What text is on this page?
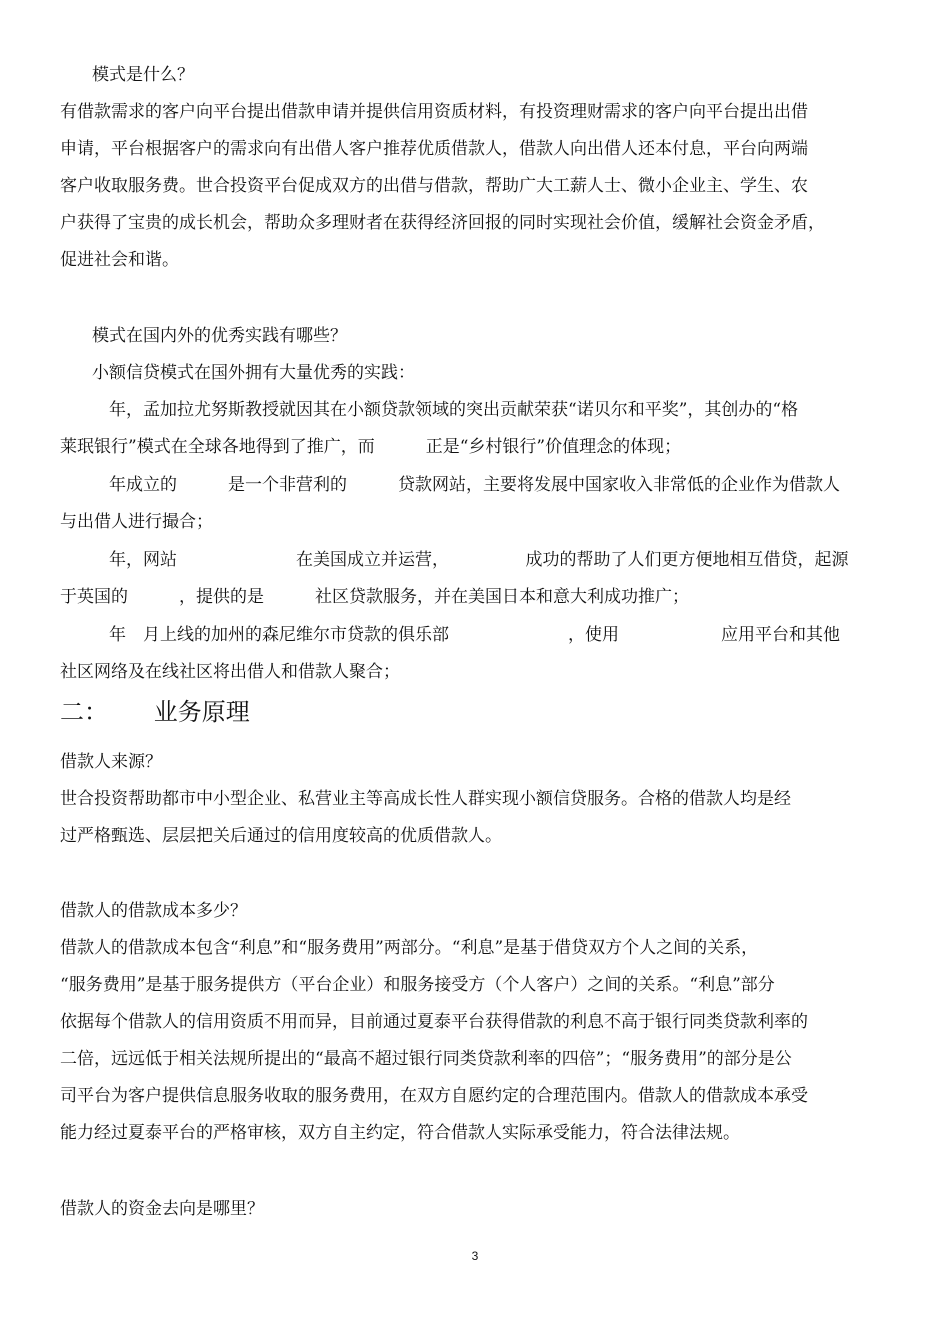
模式是什么？

有借款需求的客户向平台提出借款申请并提供信用资质材料，有投资理财需求的客户向平台提出出借
申请，平台根据客户的需求向有出借人客户推荐优质借款人，借款人向出借人还本付息，平台向两端
客户收取服务费。世合投资平台促成双方的出借与借款，帮助广大工薪人士、微小企业主、学生、农
户获得了宝贵的成长机会，帮助众多理财者在获得经济回报的同时实现社会价值，缓解社会资金矛盾，
促进社会和谐。

模式在国内外的优秀实践有哪些？

小额信贷模式在国外拥有大量优秀的实践：

　年，孟加拉尤努斯教授就因其在小额贷款领域的突出贡献荣获“诺贝尔和平奖”，其创办的“格
莱珉银行”模式在全球各地得到了推广，而　　　正是“乡村银行”价值理念的体现；

　年成立的　　　是一个非营利的　　　贷款网站，主要将发展中国家收入非常低的企业作为借款人
与出借人进行撮合；

　年，网站　　　　　　　在美国成立并运营，　　　　　成功的帮助了人们更方便地相互借贷，起源
于英国的　　　，提供的是　　　社区贷款服务，并在美国日本和意大利成功推广；

　年　月上线的加州的森尼维尔市贷款的俱乐部　　　　　　　，使用　　　　　　应用平台和其他
社区网络及在线社区将出借人和借款人聚合；

二：      业务原理

借款人来源？

世合投资帮助都市中小型企业、私营业主等高成长性人群实现小额信贷服务。合格的借款人均是经
过严格甄选、层层把关后通过的信用度较高的优质借款人。

借款人的借款成本多少？

借款人的借款成本包含“利息”和“服务费用”两部分。“利息”是基于借贷双方个人之间的关系，
“服务费用”是基于服务提供方（平台企业）和服务接受方（个人客户）之间的关系。“利息”部分
依据每个借款人的信用资质不用而异，目前通过夏泰平台获得借款的利息不高于银行同类贷款利率的
二倍，远远低于相关法规所提出的“最高不超过银行同类贷款利率的四倍”；“服务费用”的部分是公
司平台为客户提供信息服务收取的服务费用，在双方自愿约定的合理范围内。借款人的借款成本承受
能力经过夏泰平台的严格审核，双方自主约定，符合借款人实际承受能力，符合法律法规。

借款人的资金去向是哪里？

3
